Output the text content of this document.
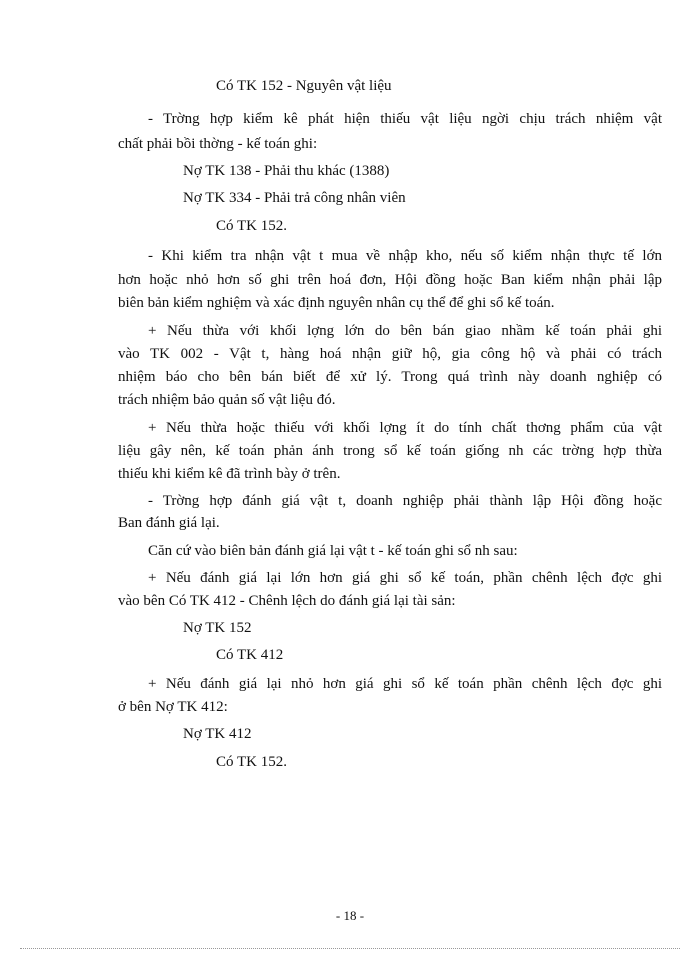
Có TK 152 - Nguyên vật liệu
- Trờng hợp kiểm kê phát hiện thiếu vật liệu ngời chịu trách nhiệm vật
chất phải bồi thờng - kế toán ghi:
Nợ TK 138 - Phải thu khác (1388)
Nợ TK 334 - Phải trả công nhân viên
Có TK 152.
- Khi kiểm tra nhận vật t mua về nhập kho, nếu số kiểm nhận thực tế lớn
hơn hoặc nhỏ hơn số ghi trên hoá đơn, Hội đồng hoặc Ban kiểm nhận phải lập
biên bản kiểm nghiệm và xác định nguyên nhân cụ thể để ghi sổ kế toán.
+ Nếu thừa với khối lợng lớn do bên bán giao nhầm kế toán phải ghi
vào TK 002 - Vật t, hàng hoá nhận giữ hộ, gia công hộ và phải có trách
nhiệm báo cho bên bán biết để xử lý. Trong quá trình này doanh nghiệp có
trách nhiệm bảo quản số vật liệu đó.
+ Nếu thừa hoặc thiếu với khối lợng ít do tính chất thơng phẩm của vật
liệu gây nên, kế toán phản ánh trong sổ kế toán giống nh các trờng hợp thừa
thiếu khi kiểm kê đã trình bày ở trên.
- Trờng hợp đánh giá vật t, doanh nghiệp phải thành lập Hội đồng hoặc
Ban đánh giá lại.
Căn cứ vào biên bản đánh giá lại vật t - kế toán ghi sổ nh sau:
+ Nếu đánh giá lại lớn hơn giá ghi sổ kế toán, phần chênh lệch đợc ghi
vào bên Có TK 412 - Chênh lệch do đánh giá lại tài sản:
Nợ TK 152
Có TK 412
+ Nếu đánh giá lại nhỏ hơn giá ghi sổ kế toán phần chênh lệch đợc ghi
ở bên Nợ TK 412:
Nợ TK 412
Có TK 152.
- 18 -
